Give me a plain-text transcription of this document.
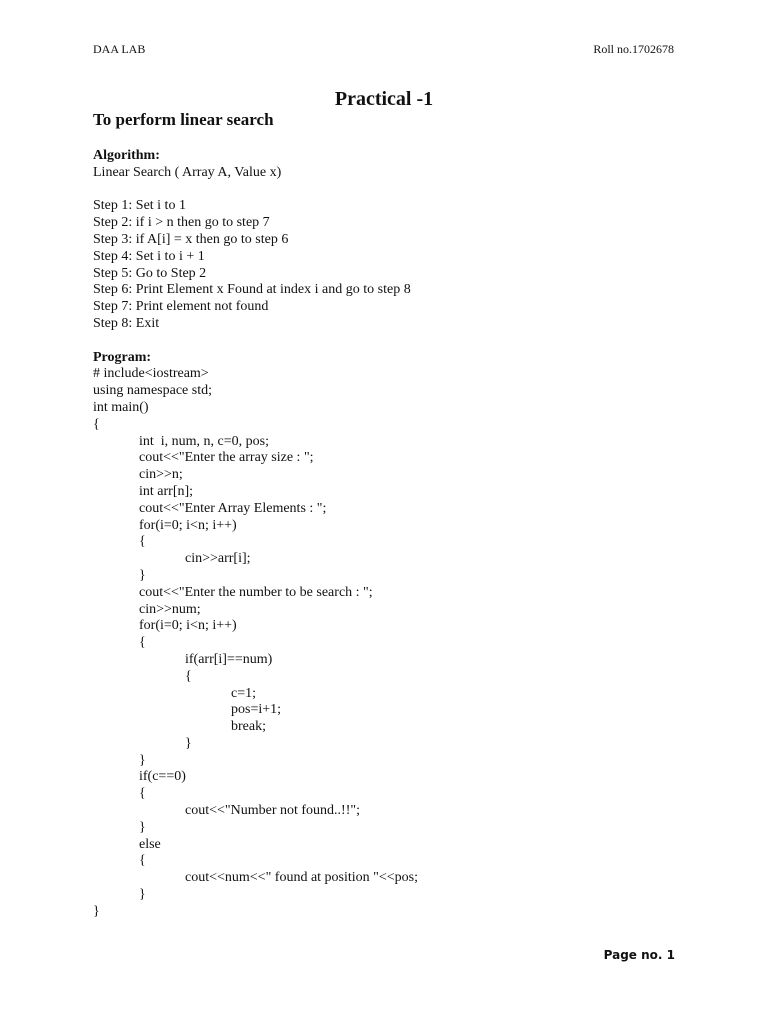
DAA LAB	Roll no.1702678
Practical -1
To perform linear search
Algorithm:
Linear Search ( Array A, Value x)
Step 1: Set i to 1
Step 2: if i > n then go to step 7
Step 3: if A[i] = x then go to step 6
Step 4: Set i to i + 1
Step 5: Go to Step 2
Step 6: Print Element x Found at index i and go to step 8
Step 7: Print element not found
Step 8: Exit
Program:
# include<iostream>
using namespace std;
int main()
{
int  i, num, n, c=0, pos;
cout<<"Enter the array size : ";
cin>>n;
int arr[n];
cout<<"Enter Array Elements : ";
for(i=0; i<n; i++)
{
cin>>arr[i];
}
cout<<"Enter the number to be search : ";
cin>>num;
for(i=0; i<n; i++)
{
if(arr[i]==num)
{
c=1;
pos=i+1;
break;
}
}
if(c==0)
{
cout<<"Number not found..!!";
}
else
{
cout<<num<<" found at position "<<pos;
}
}
Page no. 1
